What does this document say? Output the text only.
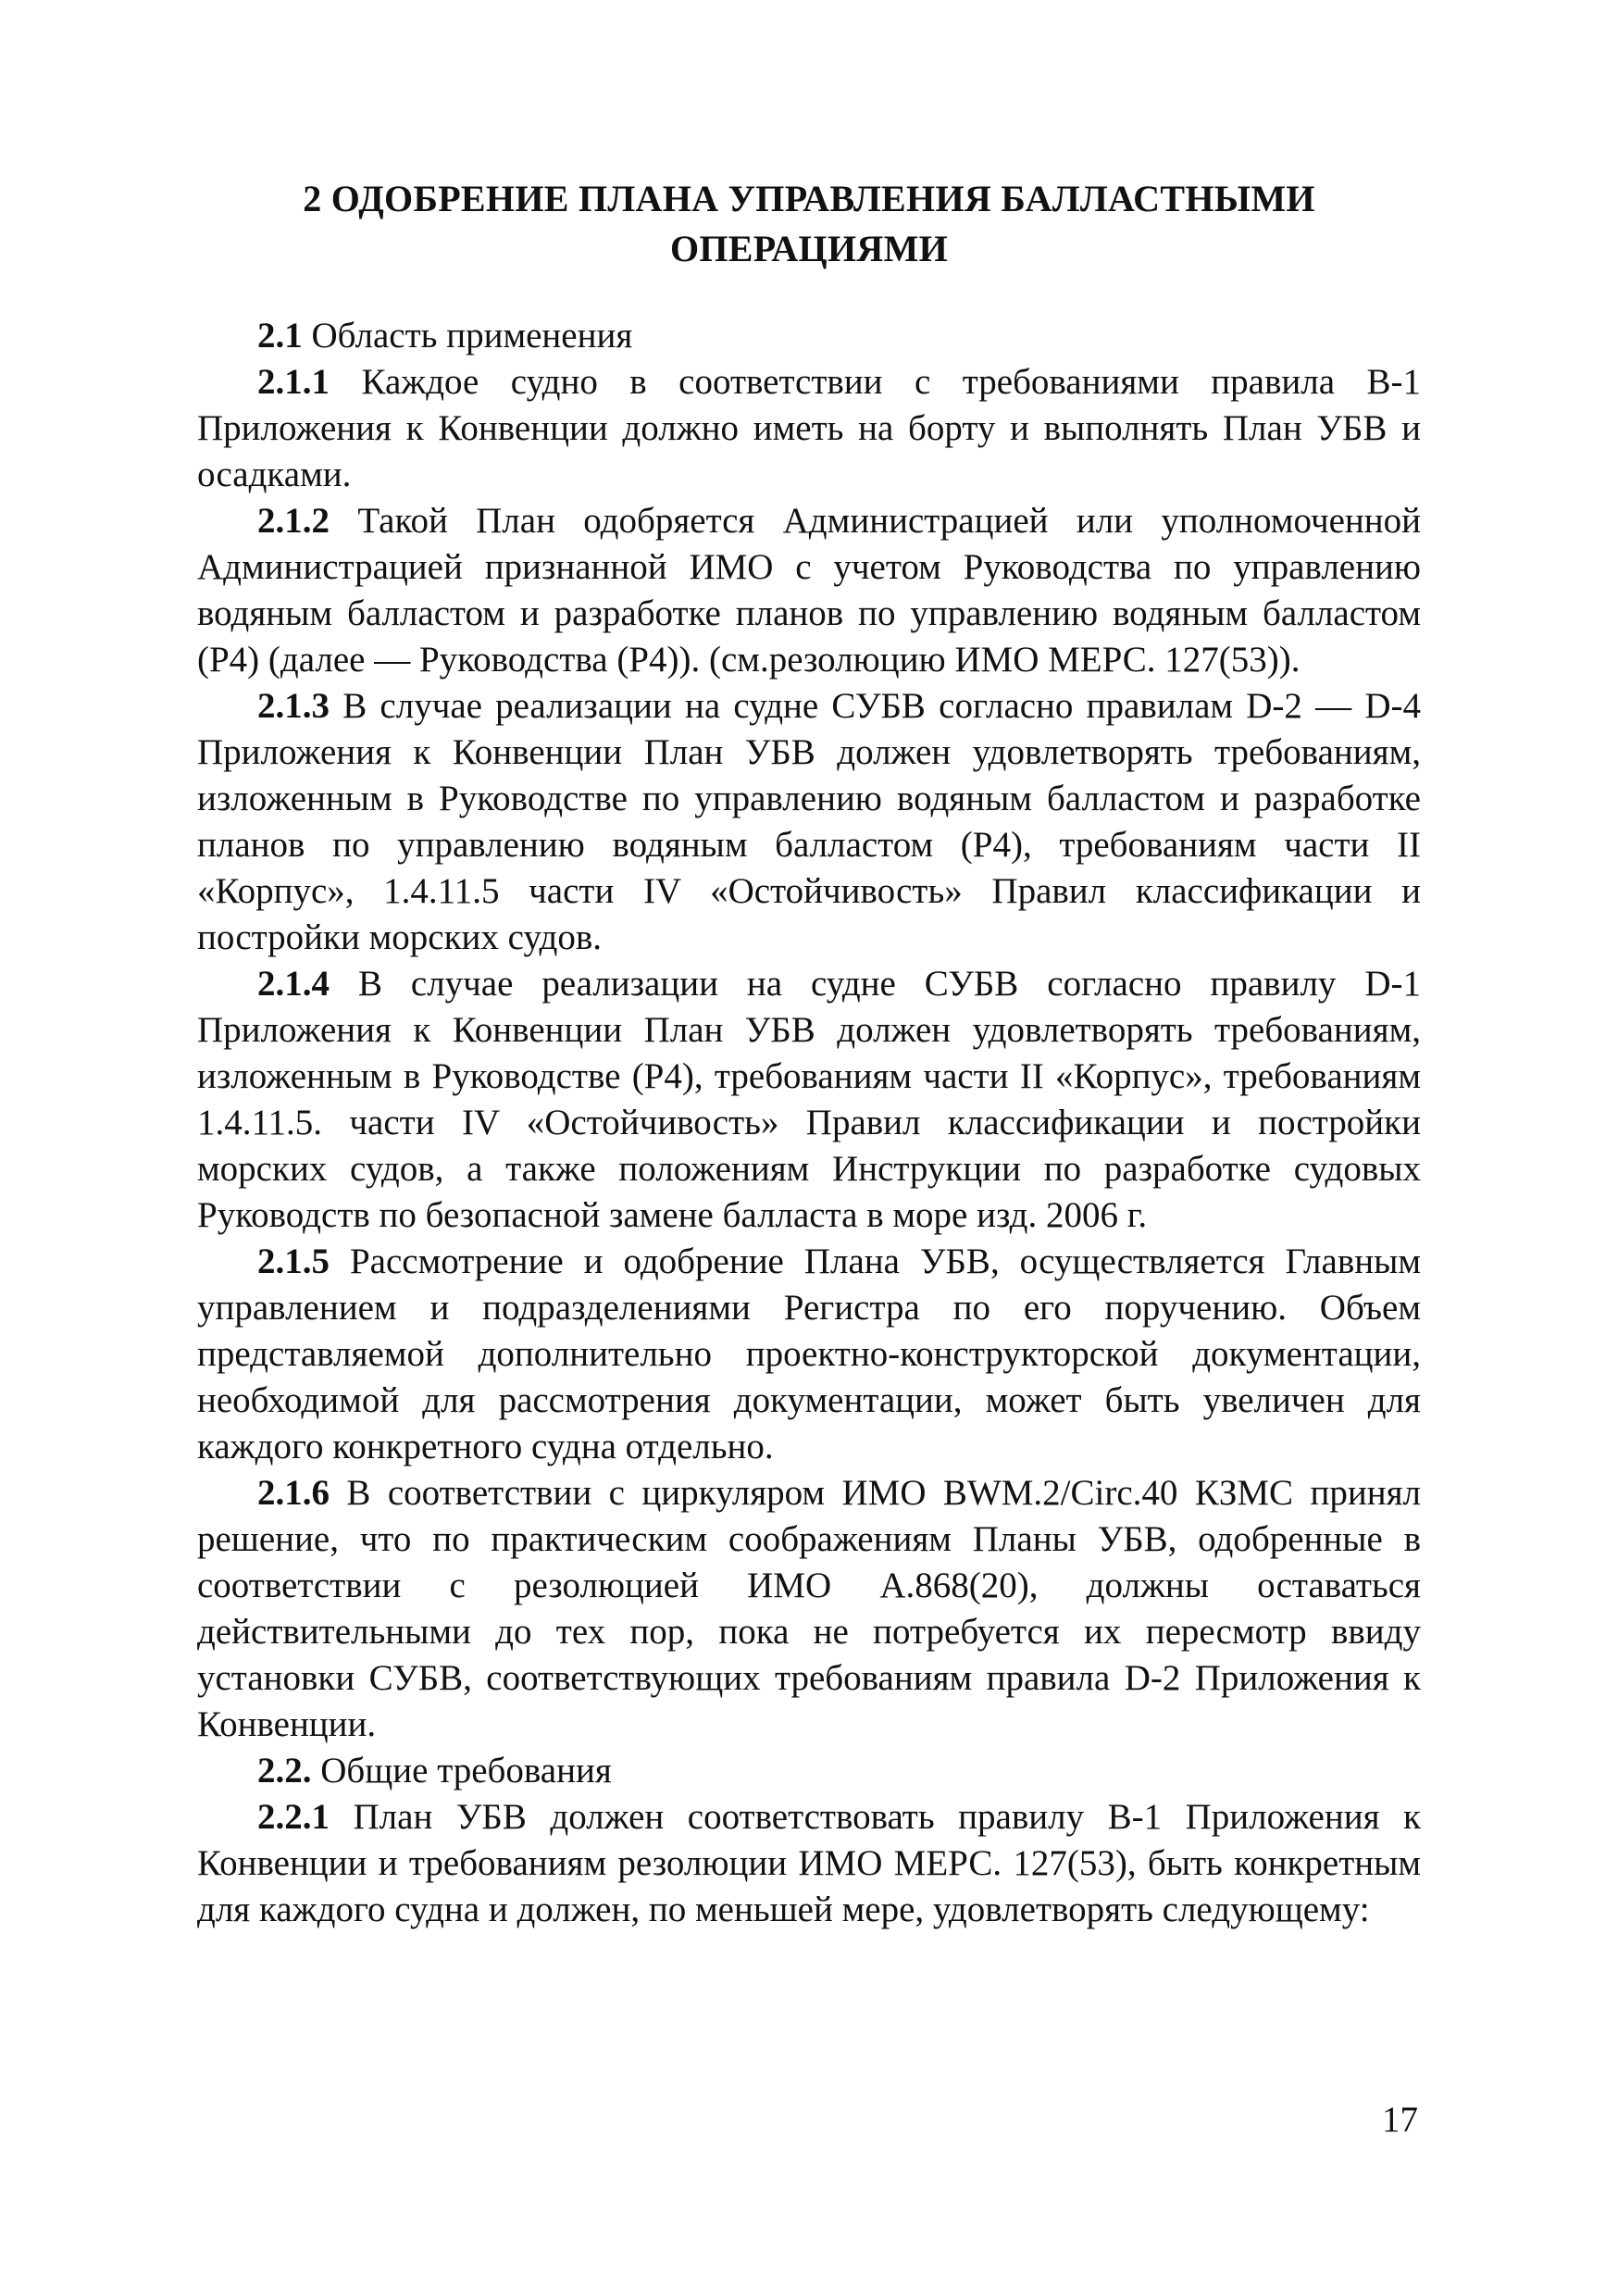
2 ОДОБРЕНИЕ ПЛАНА УПРАВЛЕНИЯ БАЛЛАСТНЫМИ
ОПЕРАЦИЯМИ

2.1 Область применения

2.1.1 Каждое судно в соответствии с требованиями правила В-1 Приложения к Конвенции должно иметь на борту и выполнять План УБВ и осадками.

2.1.2 Такой План одобряется Администрацией или уполномоченной Администрацией признанной ИМО с учетом Руководства по управлению водяным балластом и разработке планов по управлению водяным балластом (Р4) (далее — Руководства (Р4)). (см.резолюцию ИМО МЕРС. 127(53)).

2.1.3 В случае реализации на судне СУБВ согласно правилам D-2 — D-4 Приложения к Конвенции План УБВ должен удовлетворять требованиям, изложенным в Руководстве по управлению водяным балластом и разработке планов по управлению водяным балластом (Р4), требованиям части II «Корпус», 1.4.11.5 части IV «Остойчивость» Правил классификации и постройки морских судов.

2.1.4 В случае реализации на судне СУБВ согласно правилу D-1 Приложения к Конвенции План УБВ должен удовлетворять требованиям, изложенным в Руководстве (Р4), требованиям части II «Корпус», требованиям 1.4.11.5. части IV «Остойчивость» Правил классификации и постройки морских судов, а также положениям Инструкции по разработке судовых Руководств по безопасной замене балласта в море изд. 2006 г.

2.1.5 Рассмотрение и одобрение Плана УБВ, осуществляется Главным управлением и подразделениями Регистра по его поручению. Объем представляемой дополнительно проектно-конструкторской документации, необходимой для рассмотрения документации, может быть увеличен для каждого конкретного судна отдельно.

2.1.6 В соответствии с циркуляром ИМО BWM.2/Circ.40 КЗМС принял решение, что по практическим соображениям Планы УБВ, одобренные в соответствии с резолюцией ИМО А.868(20), должны оставаться действительными до тех пор, пока не потребуется их пересмотр ввиду установки СУБВ, соответствующих требованиям правила D-2 Приложения к Конвенции.

2.2. Общие требования

2.2.1 План УБВ должен соответствовать правилу В-1 Приложения к Конвенции и требованиям резолюции ИМО МЕРС. 127(53), быть конкретным для каждого судна и должен, по меньшей мере, удовлетворять следующему:

17
